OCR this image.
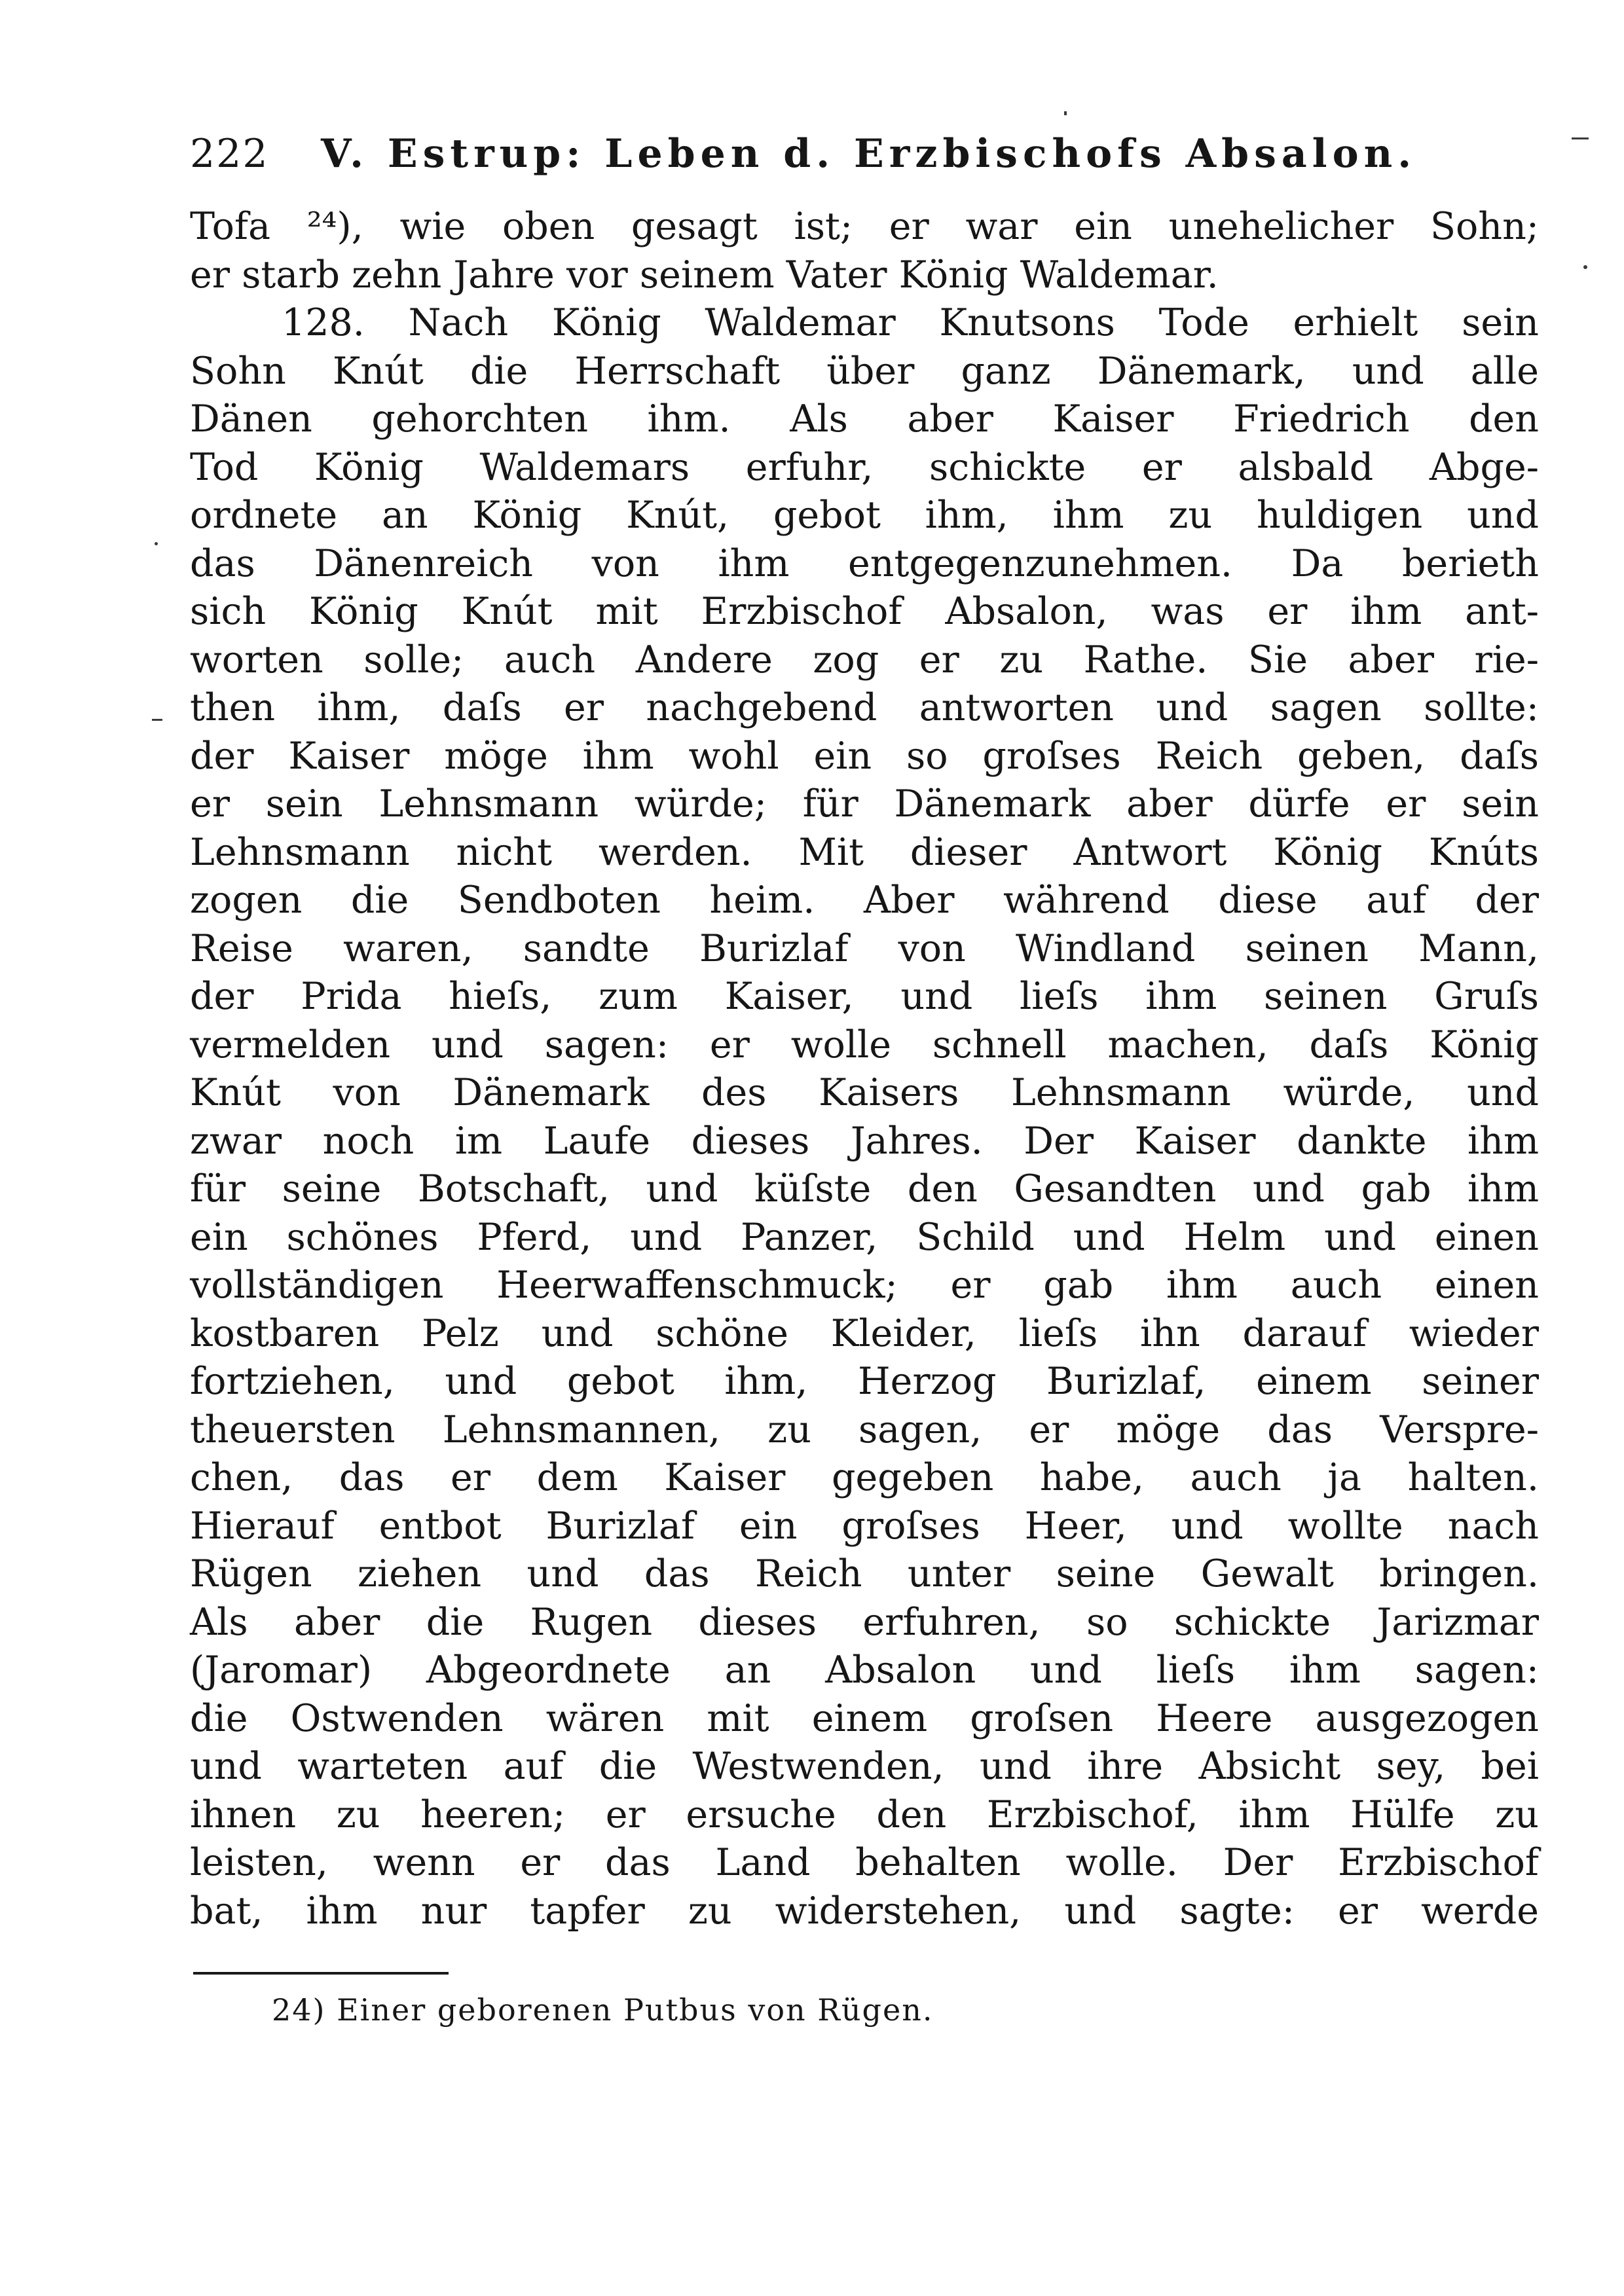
222 V. Estrup: Leben d. Erzbischofs Absalon.
Tofa ²⁴), wie oben gesagt ist; er war ein unehelicher Sohn;
er starb zehn Jahre vor seinem Vater König Waldemar.
128. Nach König Waldemar Knutsons Tode erhielt sein
Sohn Knút die Herrschaft über ganz Dänemark, und alle
Dänen gehorchten ihm. Als aber Kaiser Friedrich den
Tod König Waldemars erfuhr, schickte er alsbald Abge-
ordnete an König Knút, gebot ihm, ihm zu huldigen und
das Dänenreich von ihm entgegenzunehmen. Da berieth
sich König Knút mit Erzbischof Absalon, was er ihm ant-
worten solle; auch Andere zog er zu Rathe. Sie aber rie-
then ihm, daſs er nachgebend antworten und sagen sollte:
der Kaiser möge ihm wohl ein so groſses Reich geben, daſs
er sein Lehnsmann würde; für Dänemark aber dürfe er sein
Lehnsmann nicht werden. Mit dieser Antwort König Knúts
zogen die Sendboten heim. Aber während diese auf der
Reise waren, sandte Burizlaf von Windland seinen Mann,
der Prida hieſs, zum Kaiser, und lieſs ihm seinen Gruſs
vermelden und sagen: er wolle schnell machen, daſs König
Knút von Dänemark des Kaisers Lehnsmann würde, und
zwar noch im Laufe dieses Jahres. Der Kaiser dankte ihm
für seine Botschaft, und küſste den Gesandten und gab ihm
ein schönes Pferd, und Panzer, Schild und Helm und einen
vollständigen Heerwaffenschmuck; er gab ihm auch einen
kostbaren Pelz und schöne Kleider, lieſs ihn darauf wieder
fortziehen, und gebot ihm, Herzog Burizlaf, einem seiner
theuersten Lehnsmannen, zu sagen, er möge das Verspre-
chen, das er dem Kaiser gegeben habe, auch ja halten.
Hierauf entbot Burizlaf ein groſses Heer, und wollte nach
Rügen ziehen und das Reich unter seine Gewalt bringen.
Als aber die Rugen dieses erfuhren, so schickte Jarizmar
(Jaromar) Abgeordnete an Absalon und lieſs ihm sagen:
die Ostwenden wären mit einem groſsen Heere ausgezogen
und warteten auf die Westwenden, und ihre Absicht sey, bei
ihnen zu heeren; er ersuche den Erzbischof, ihm Hülfe zu
leisten, wenn er das Land behalten wolle. Der Erzbischof
bat, ihm nur tapfer zu widerstehen, und sagte: er werde
24) Einer geborenen Putbus von Rügen.
